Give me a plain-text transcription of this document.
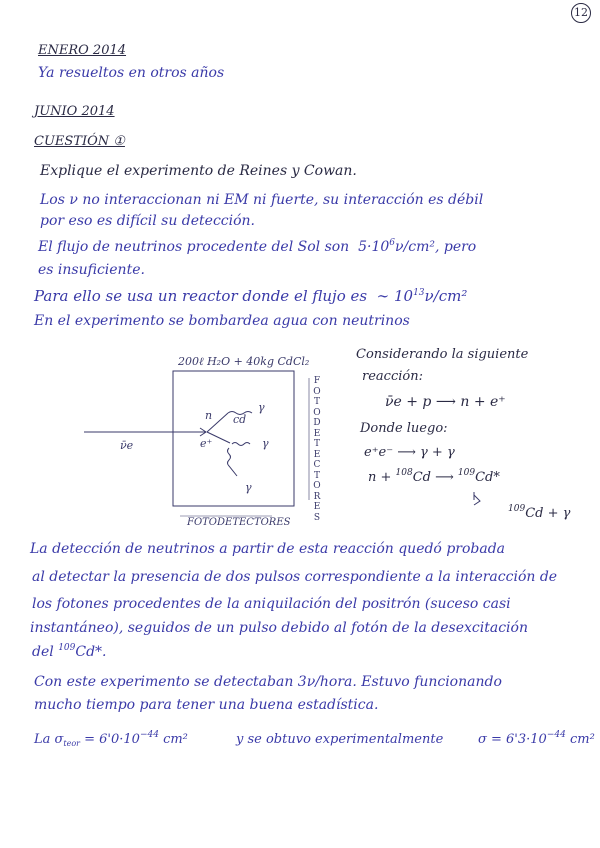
12
ENERO 2014
Ya resueltos en otros años
JUNIO 2014
CUESTIÓN ①
Explique el experimento de Reines y Cowan.
Los ν no interaccionan ni EM ni fuerte, su interacción es débil
por eso es difícil su detección.
El flujo de neutrinos procedente del Sol son $5\cdot 10^6\nu$/cm², pero
es insuficiente.
Para ello se usa un reactor donde el flujo es ∼ $10^{13}\nu$/cm²
En el experimento se bombardea agua con neutrinos
200ℓ H₂O + 40kg CdCl₂
FOTODETECTORES
FOTODETECTORES
ν̄e
n cd
γ
e⁺	γ
γ
Considerando la siguiente
reacción:
ν̄e + p ⟶ n + e⁺
Donde luego:
e⁺e⁻ ⟶ γ + γ
n + $^{108}$Cd ⟶ $^{109}$Cd*
$^{109}$Cd + γ
La detección de neutrinos a partir de esta reacción quedó probada
al detectar la presencia de dos pulsos correspondiente a la interacción de
los fotones procedentes de la aniquilación del positrón (suceso casi
instantáneo), seguidos de un pulso debido al fotón de la desexcitación
del $^{109}$Cd*.
Con este experimento se detectaban 3ν/hora. Estuvo funcionando
mucho tiempo para tener una buena estadística.
La $\sigma_{teor} = 6'0\cdot 10^{-44}$ cm²	y se obtuvo experimentalmente	$\sigma = 6'3\cdot 10^{-44}$ cm²
